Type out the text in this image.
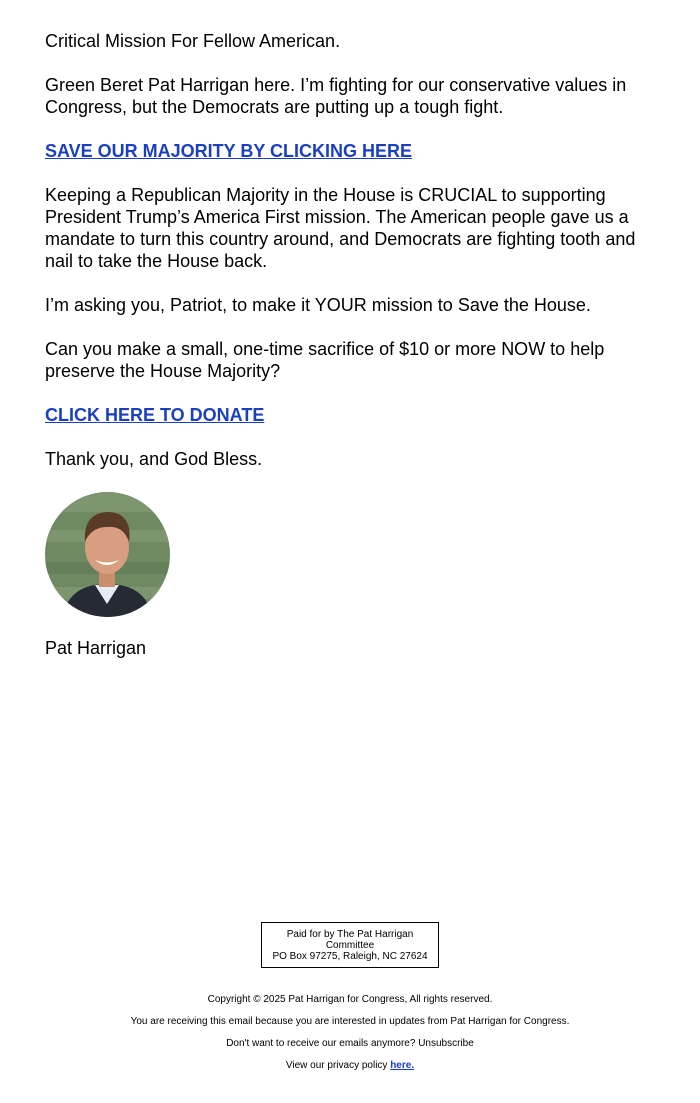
Critical Mission For Fellow American.

Green Beret Pat Harrigan here. I’m fighting for our conservative values in Congress, but the Democrats are putting up a tough fight.

SAVE OUR MAJORITY BY CLICKING HERE

Keeping a Republican Majority in the House is CRUCIAL to supporting President Trump’s America First mission. The American people gave us a mandate to turn this country around, and Democrats are fighting tooth and nail to take the House back.

I’m asking you, Patriot, to make it YOUR mission to Save the House.

Can you make a small, one-time sacrifice of $10 or more NOW to help preserve the House Majority?

CLICK HERE TO DONATE

Thank you, and God Bless.

Pat Harrigan

Paid for by The Pat Harrigan Committee
PO Box 97275, Raleigh, NC 27624

Copyright © 2025 Pat Harrigan for Congress, All rights reserved.

You are receiving this email because you are interested in updates from Pat Harrigan for Congress.

Don't want to receive our emails anymore? Unsubscribe

View our privacy policy here.
